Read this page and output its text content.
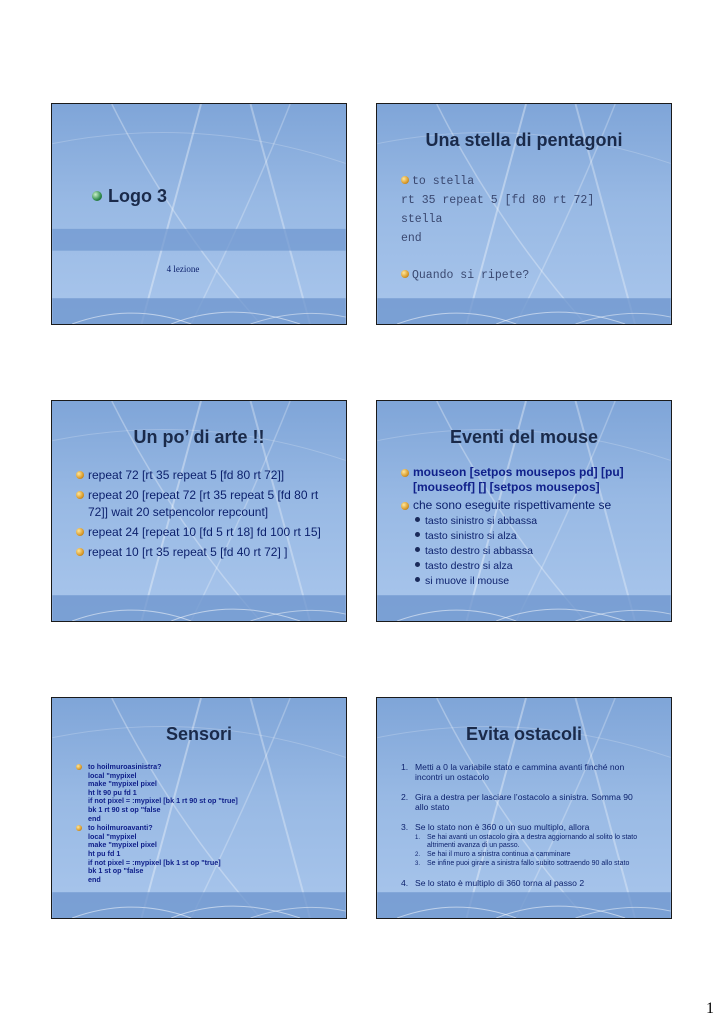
Logo 3
4 lezione
Una stella di pentagoni
to stella
rt 35 repeat 5 [fd 80 rt 72]
stella
end
Quando si ripete?
Un po’ di arte !!
repeat 72 [rt 35 repeat 5 [fd 80 rt 72]]
repeat 20 [repeat 72 [rt 35 repeat 5 [fd 80 rt 72]] wait 20 setpencolor repcount]
repeat 24 [repeat 10 [fd 5 rt 18] fd 100 rt 15]
repeat 10 [rt 35 repeat 5 [fd 40 rt 72] ]
Eventi del mouse
mouseon [setpos mousepos pd] [pu] [mouseoff] [] [setpos mousepos]
che sono eseguite rispettivamente se
tasto sinistro si abbassa
tasto sinistro si alza
tasto destro si abbassa
tasto destro si alza
si muove il mouse
Sensori
to hoilmuroasinistra?
local "mypixel
make "mypixel pixel
ht lt 90 pu fd 1
if not pixel = :mypixel [bk 1 rt 90 st op "true]
bk 1 rt 90 st op "false
end
to hoilmuroavanti?
local "mypixel
make "mypixel pixel
ht pu fd 1
if not pixel = :mypixel [bk 1 st op "true]
bk 1 st op "false
end
Evita ostacoli
1. Metti a 0 la variabile stato e cammina avanti finché non incontri un ostacolo
2. Gira a destra per lasciare l’ostacolo a sinistra. Somma 90 allo stato
3. Se lo stato non è 360 o un suo multiplo, allora
1. Se hai avanti un ostacolo gira a destra aggiornando al solito lo stato altrimenti avanza di un passo.
2. Se hai il muro a sinistra continua a camminare
3. Se infine puoi girare a sinistra fallo subito sottraendo 90 allo stato
4. Se lo stato è multiplo di 360 torna al passo 2
1
